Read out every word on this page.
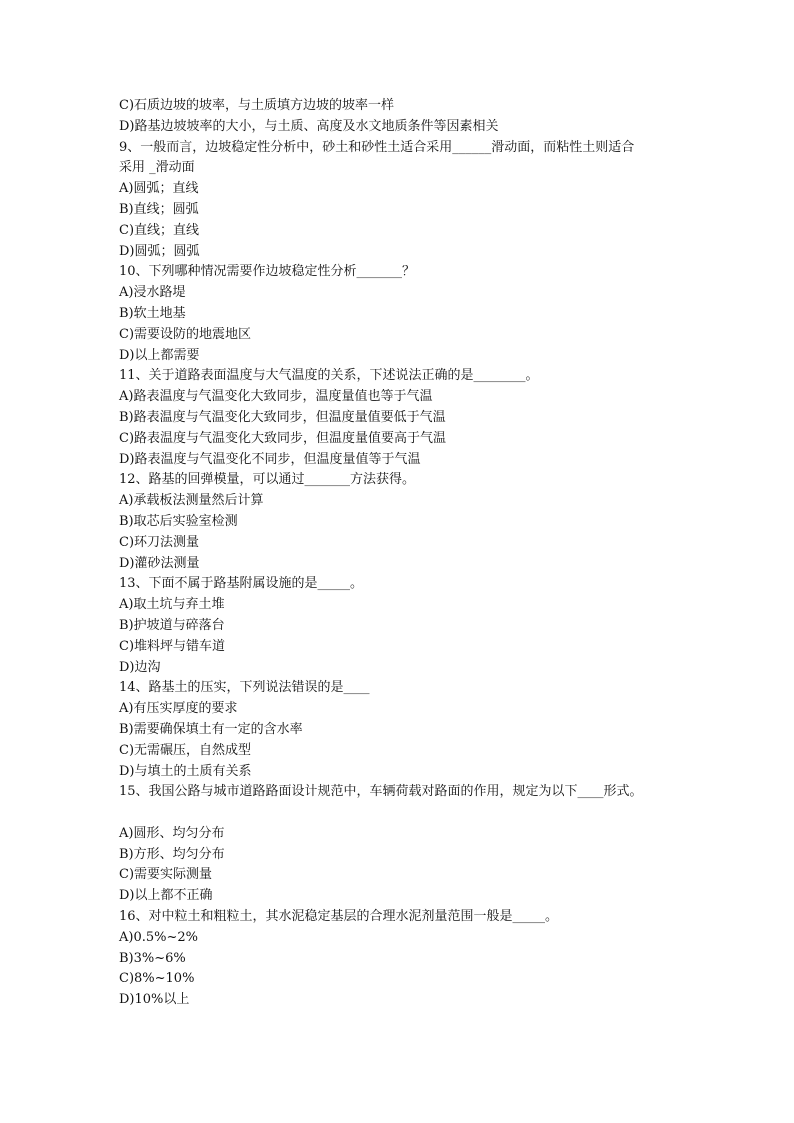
C)石质边坡的坡率，与土质填方边坡的坡率一样
D)路基边坡坡率的大小，与土质、高度及水文地质条件等因素相关
9、一般而言，边坡稳定性分析中，砂土和砂性土适合采用______滑动面，而粘性土则适合
采用 _滑动面
A)圆弧；直线
B)直线；圆弧
C)直线；直线
D)圆弧；圆弧
10、下列哪种情况需要作边坡稳定性分析_______？
A)浸水路堤
B)软土地基
C)需要设防的地震地区
D)以上都需要
11、关于道路表面温度与大气温度的关系，下述说法正确的是________。
A)路表温度与气温变化大致同步，温度量值也等于气温
B)路表温度与气温变化大致同步，但温度量值要低于气温
C)路表温度与气温变化大致同步，但温度量值要高于气温
D)路表温度与气温变化不同步，但温度量值等于气温
12、路基的回弹模量，可以通过_______方法获得。
A)承载板法测量然后计算
B)取芯后实验室检测
C)环刀法测量
D)灌砂法测量
13、下面不属于路基附属设施的是_____。
A)取土坑与弃土堆
B)护坡道与碎落台
C)堆料坪与错车道
D)边沟
14、路基土的压实，下列说法错误的是____
A)有压实厚度的要求
B)需要确保填土有一定的含水率
C)无需碾压，自然成型
D)与填土的土质有关系
15、我国公路与城市道路路面设计规范中，车辆荷载对路面的作用，规定为以下____形式。
A)圆形、均匀分布
B)方形、均匀分布
C)需要实际测量
D)以上都不正确
16、对中粒土和粗粒土，其水泥稳定基层的合理水泥剂量范围一般是_____。
A)0.5%~2%
B)3%~6%
C)8%~10%
D)10%以上
